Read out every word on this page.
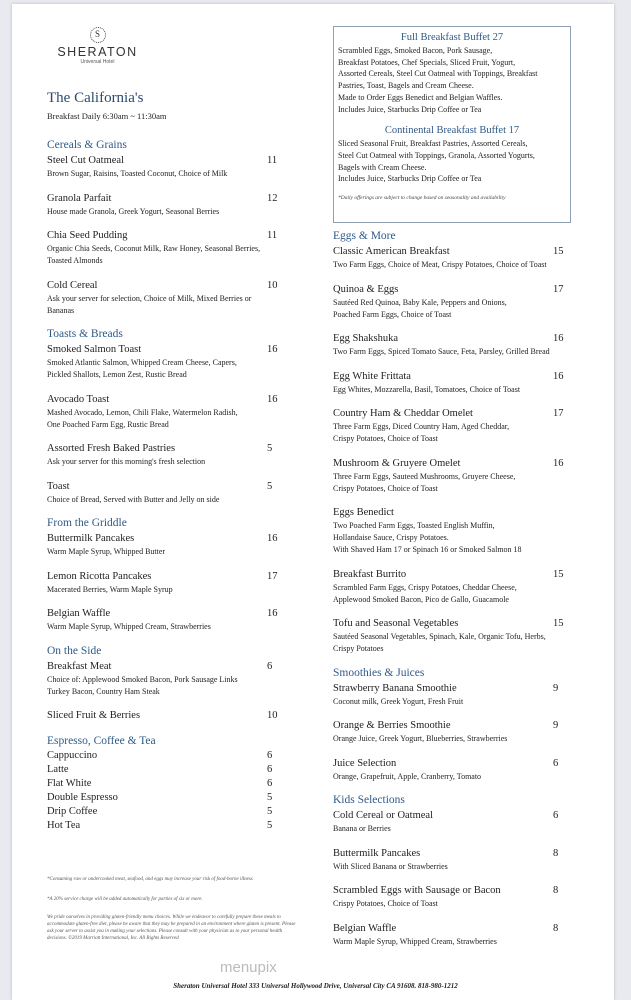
S
SHERATON
Universal Hotel
The California's
Breakfast Daily 6:30am ~ 11:30am
Full Breakfast Buffet 27
Scrambled Eggs, Smoked Bacon, Pork Sausage,
Breakfast Potatoes, Chef Specials, Sliced Fruit, Yogurt,
Assorted Cereals, Steel Cut Oatmeal with Toppings, Breakfast
Pastries, Toast, Bagels and Cream Cheese.
Made to Order Eggs Benedict and Belgian Waffles.
Includes Juice, Starbucks Drip Coffee or Tea
Continental Breakfast Buffet 17
Sliced Seasonal Fruit, Breakfast Pastries, Assorted Cereals,
Steel Cut Oatmeal with Toppings, Granola, Assorted Yogurts,
Bagels with Cream Cheese.
Includes Juice, Starbucks Drip Coffee or Tea
*Daily offerings are subject to change based on seasonality and availability
Cereals & Grains
Steel Cut Oatmeal	11
Brown Sugar, Raisins, Toasted Coconut, Choice of Milk
Granola Parfait	12
House made Granola, Greek Yogurt, Seasonal Berries
Chia Seed Pudding	11
Organic Chia Seeds, Coconut Milk, Raw Honey, Seasonal Berries,
Toasted Almonds
Cold Cereal	10
Ask your server for selection, Choice of Milk, Mixed Berries or
Bananas
Toasts & Breads
Smoked Salmon Toast	16
Smoked Atlantic Salmon, Whipped Cream Cheese, Capers,
Pickled Shallots, Lemon Zest, Rustic Bread
Avocado Toast	16
Mashed Avocado, Lemon, Chili Flake, Watermelon Radish,
One Poached Farm Egg, Rustic Bread
Assorted Fresh Baked Pastries	5
Ask your server for this morning's fresh selection
Toast	5
Choice of Bread, Served with Butter and Jelly on side
From the Griddle
Buttermilk Pancakes	16
Warm Maple Syrup, Whipped Butter
Lemon Ricotta Pancakes	17
Macerated Berries, Warm Maple Syrup
Belgian Waffle	16
Warm Maple Syrup, Whipped Cream, Strawberries
On the Side
Breakfast Meat	6
Choice of: Applewood Smoked Bacon, Pork Sausage Links
Turkey Bacon, Country Ham Steak
Sliced Fruit & Berries	10
Espresso, Coffee & Tea
Cappuccino	6
Latte	6
Flat White	6
Double Espresso	5
Drip Coffee	5
Hot Tea	5
Eggs & More
Classic American Breakfast	15
Two Farm Eggs, Choice of Meat, Crispy Potatoes, Choice of Toast
Quinoa & Eggs	17
Sautéed Red Quinoa, Baby Kale, Peppers and Onions,
Poached Farm Eggs, Choice of Toast
Egg Shakshuka	16
Two Farm Eggs, Spiced Tomato Sauce, Feta, Parsley, Grilled Bread
Egg White Frittata	16
Egg Whites, Mozzarella, Basil, Tomatoes, Choice of Toast
Country Ham & Cheddar Omelet	17
Three Farm Eggs, Diced Country Ham, Aged Cheddar,
Crispy Potatoes, Choice of Toast
Mushroom & Gruyere Omelet	16
Three Farm Eggs, Sauteed Mushrooms, Gruyere Cheese,
Crispy Potatoes, Choice of Toast
Eggs Benedict
Two Poached Farm Eggs, Toasted English Muffin,
Hollandaise Sauce, Crispy Potatoes.
With Shaved Ham 17 or Spinach 16 or Smoked Salmon 18
Breakfast Burrito	15
Scrambled Farm Eggs, Crispy Potatoes, Cheddar Cheese,
Applewood Smoked Bacon, Pico de Gallo, Guacamole
Tofu and Seasonal Vegetables	15
Sautéed Seasonal Vegetables, Spinach, Kale, Organic Tofu, Herbs,
Crispy Potatoes
Smoothies & Juices
Strawberry Banana Smoothie	9
Coconut milk, Greek Yogurt, Fresh Fruit
Orange & Berries Smoothie	9
Orange Juice, Greek Yogurt, Blueberries, Strawberries
Juice Selection	6
Orange, Grapefruit, Apple, Cranberry, Tomato
Kids Selections
Cold Cereal or Oatmeal	6
Banana or Berries
Buttermilk Pancakes	8
With Sliced Banana or Strawberries
Scrambled Eggs with Sausage or Bacon	8
Crispy Potatoes, Choice of Toast
Belgian Waffle	8
Warm Maple Syrup, Whipped Cream, Strawberries
*Consuming raw or undercooked meat, seafood, and eggs may increase your risk of food-borne illness
*A 20% service charge will be added automatically for parties of six or more.
We pride ourselves in providing gluten-friendly menu choices. While we endeavor to carefully prepare these meals to accommodate gluten-free diet, please be aware that they may be prepared in an environment where gluten is present. Please ask your server to assist you in making your selections. Please consult with your physician as to your personal health decisions. ©2019 Marriott International, Inc. All Rights Reserved
menupix
Sheraton Universal Hotel 333 Universal Hollywood Drive, Universal City CA 91608. 818-980-1212
